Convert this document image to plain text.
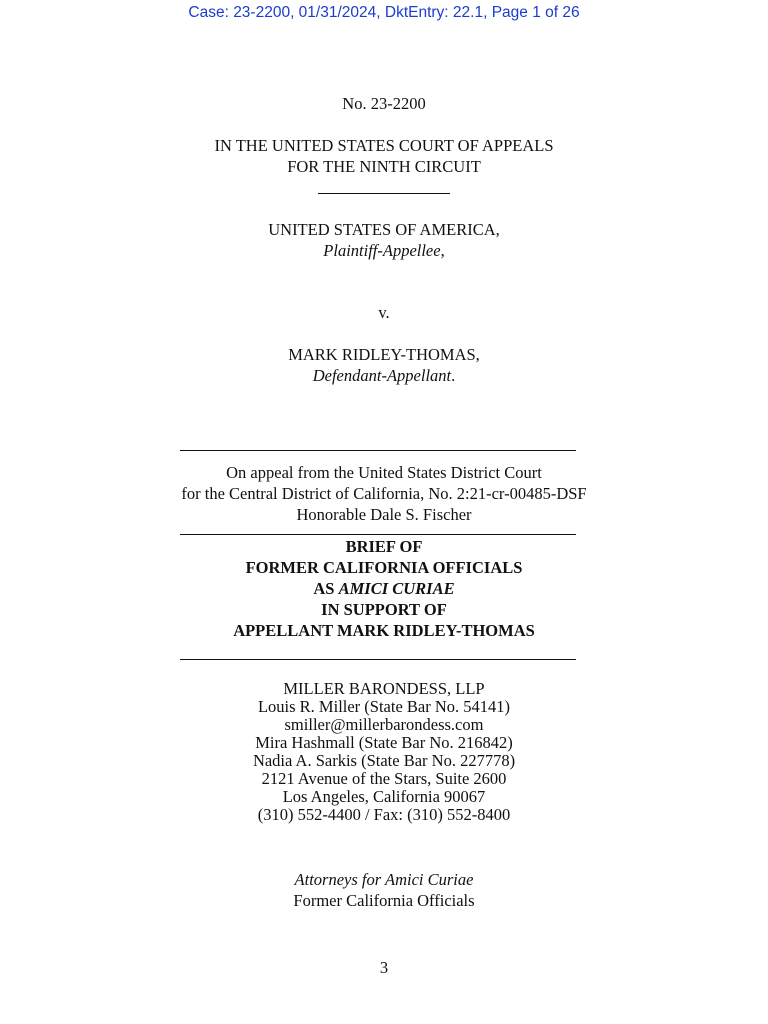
Case: 23-2200, 01/31/2024, DktEntry: 22.1, Page 1 of 26
No. 23-2200
IN THE UNITED STATES COURT OF APPEALS
FOR THE NINTH CIRCUIT
UNITED STATES OF AMERICA,
Plaintiff-Appellee,
v.
MARK RIDLEY-THOMAS,
Defendant-Appellant.
On appeal from the United States District Court
for the Central District of California, No. 2:21-cr-00485-DSF
Honorable Dale S. Fischer
BRIEF OF
FORMER CALIFORNIA OFFICIALS
AS AMICI CURIAE
IN SUPPORT OF
APPELLANT MARK RIDLEY-THOMAS
MILLER BARONDESS, LLP
Louis R. Miller (State Bar No. 54141)
smiller@millerbarondess.com
Mira Hashmall (State Bar No. 216842)
Nadia A. Sarkis (State Bar No. 227778)
2121 Avenue of the Stars, Suite 2600
Los Angeles, California 90067
(310) 552-4400 / Fax: (310) 552-8400
Attorneys for Amici Curiae
Former California Officials
3
